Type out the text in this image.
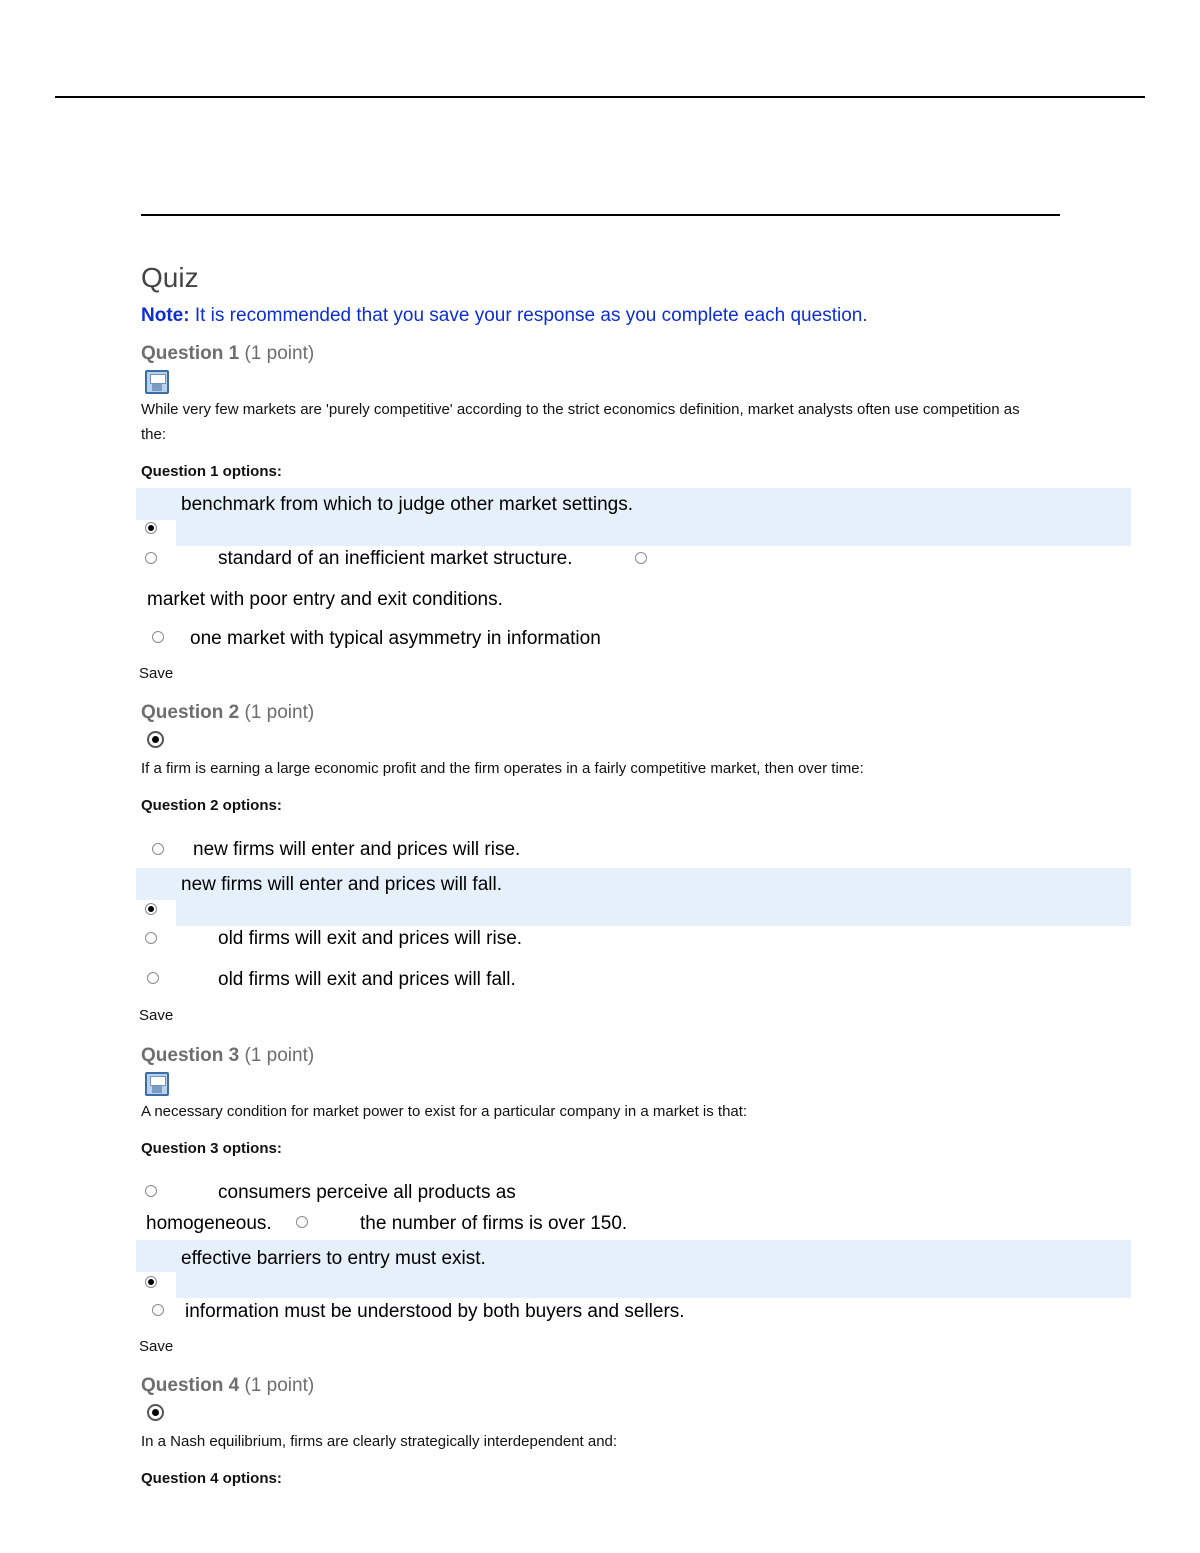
Quiz
Note: It is recommended that you save your response as you complete each question.
Question 1 (1 point)
While very few markets are 'purely competitive' according to the strict economics definition, market analysts often use competition as the:
Question 1 options:
benchmark from which to judge other market settings.
standard of an inefficient market structure.
market with poor entry and exit conditions.
one market with typical asymmetry in information
Save
Question 2 (1 point)
If a firm is earning a large economic profit and the firm operates in a fairly competitive market, then over time:
Question 2 options:
new firms will enter and prices will rise.
new firms will enter and prices will fall.
old firms will exit and prices will rise.
old firms will exit and prices will fall.
Save
Question 3 (1 point)
A necessary condition for market power to exist for a particular company in a market is that:
Question 3 options:
consumers perceive all products as
homogeneous.	the number of firms is over 150.
effective barriers to entry must exist.
information must be understood by both buyers and sellers.
Save
Question 4 (1 point)
In a Nash equilibrium, firms are clearly strategically interdependent and:
Question 4 options:
